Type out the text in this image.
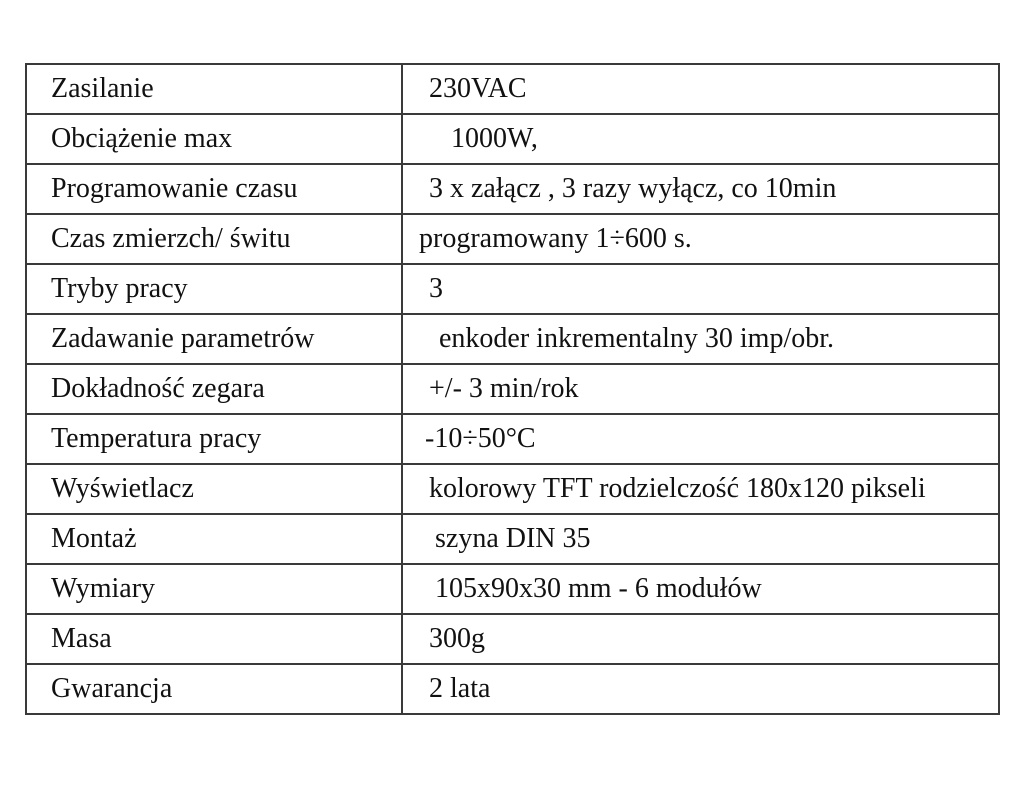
Zasilanie	230VAC
Obciążenie max	1000W,
Programowanie czasu	3 x załącz , 3 razy wyłącz, co 10min
Czas zmierzch/ świtu	programowany 1÷600 s.
Tryby pracy	3
Zadawanie parametrów	enkoder inkrementalny 30 imp/obr.
Dokładność zegara	+/- 3 min/rok
Temperatura pracy	-10÷50°C
Wyświetlacz	kolorowy TFT rodzielczość 180x120 pikseli
Montaż	szyna DIN 35
Wymiary	105x90x30 mm - 6 modułów
Masa	300g
Gwarancja	2 lata
